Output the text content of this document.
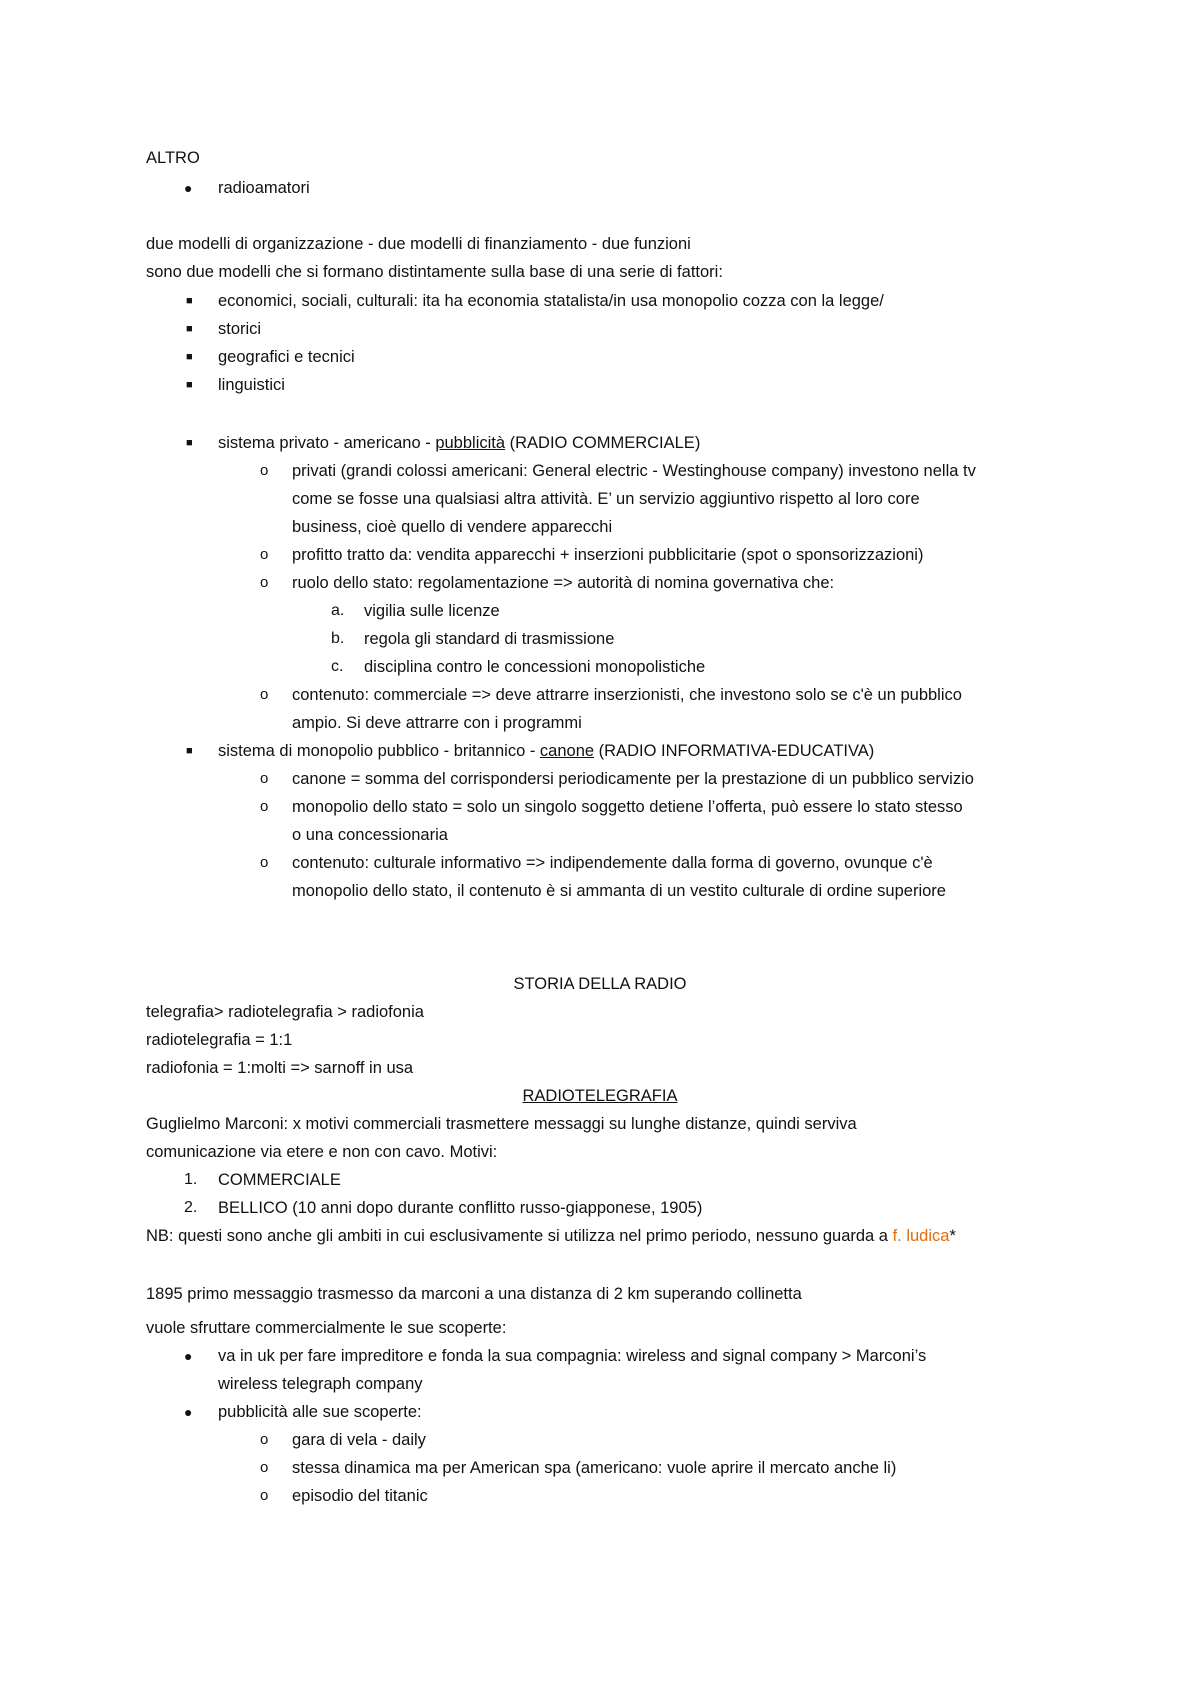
ALTRO
● radioamatori
due modelli di organizzazione - due modelli di finanziamento - due funzioni
sono due modelli che si formano distintamente sulla base di una serie di fattori:
■ economici, sociali, culturali: ita ha economia statalista/in usa monopolio cozza con la legge/
■ storici
■ geografici e tecnici
■ linguistici
■ sistema privato - americano - pubblicità (RADIO COMMERCIALE)
o privati (grandi colossi americani: General electric - Westinghouse company) investono nella tv
come se fosse una qualsiasi altra attività. E’ un servizio aggiuntivo rispetto al loro core
business, cioè quello di vendere apparecchi
o profitto tratto da: vendita apparecchi + inserzioni pubblicitarie (spot o sponsorizzazioni)
o ruolo dello stato: regolamentazione => autorità di nomina governativa che:
a. vigilia sulle licenze
b. regola gli standard di trasmissione
c. disciplina contro le concessioni monopolistiche
o contenuto: commerciale => deve attrarre inserzionisti, che investono solo se c'è un pubblico
ampio. Si deve attrarre con i programmi
■ sistema di monopolio pubblico - britannico - canone (RADIO INFORMATIVA-EDUCATIVA)
o canone = somma del corrispondersi periodicamente per la prestazione di un pubblico servizio
o monopolio dello stato = solo un singolo soggetto detiene l’offerta, può essere lo stato stesso
o una concessionaria
o contenuto: culturale informativo => indipendemente dalla forma di governo, ovunque c'è
monopolio dello stato, il contenuto è si ammanta di un vestito culturale di ordine superiore
STORIA DELLA RADIO
telegrafia> radiotelegrafia > radiofonia
radiotelegrafia = 1:1
radiofonia = 1:molti => sarnoff in usa
RADIOTELEGRAFIA
Guglielmo Marconi: x motivi commerciali trasmettere messaggi su lunghe distanze, quindi serviva
comunicazione via etere e non con cavo. Motivi:
1. COMMERCIALE
2. BELLICO (10 anni dopo durante conflitto russo-giapponese, 1905)
NB: questi sono anche gli ambiti in cui esclusivamente si utilizza nel primo periodo, nessuno guarda a f. ludica*
1895 primo messaggio trasmesso da marconi a una distanza di 2 km superando collinetta
vuole sfruttare commercialmente le sue scoperte:
● va in uk per fare impreditore e fonda la sua compagnia: wireless and signal company > Marconi’s
wireless telegraph company
● pubblicità alle sue scoperte:
o gara di vela - daily
o stessa dinamica ma per American spa (americano: vuole aprire il mercato anche li)
o episodio del titanic
